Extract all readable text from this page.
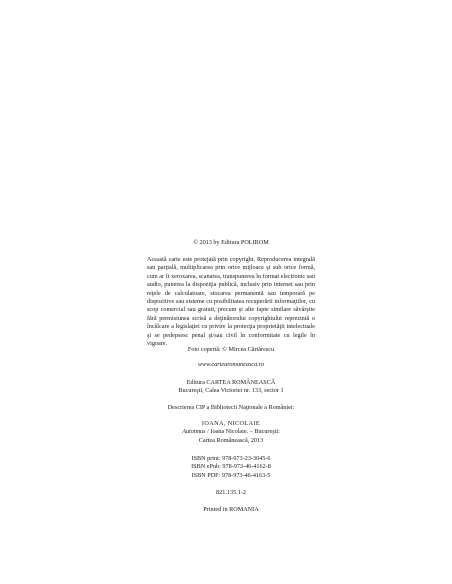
© 2013 by Editura POLIROM
Această carte este protejată prin copyright. Reproducerea integrală sau parţială, multiplicarea prin orice mijloace şi sub orice formă, cum ar fi xeroxarea, scanarea, transpunerea în format electronic sau audio, punerea la dispoziţia publică, inclusiv prin internet sau prin reţele de calculatoare, stocarea permanentă sau temporară pe dispozitive sau sisteme cu posibilitatea recuperării informaţiilor, cu scop comercial sau gratuit, precum şi alte fapte similare săvârşite fără permisiunea scrisă a deţinătorului copyrightului reprezintă o încălcare a legislaţiei cu privire la protecţia proprietăţii intelectuale şi se pedepsesc penal şi/sau civil în conformitate cu legile în vigoare.
Foto copertă: © Mircea Cărtărescu
www.cartearomaneasca.ro
Editura CARTEA ROMÂNEASCĂ
Bucureşti, Calea Victoriei nr. 133, sector 1
Descrierea CIP a Bibliotecii Naţionale a României:
IOANA, NICOLAIE
Autotmus / Ioana Nicolaie. – Bucureşti:
Cartea Românească, 2013
ISBN print: 978-973-23-3045-6
ISBN ePub: 978-973-46-4162-8
ISBN PDF: 978-973-46-4163-5
821.135.1-2
Printed in ROMANIA
